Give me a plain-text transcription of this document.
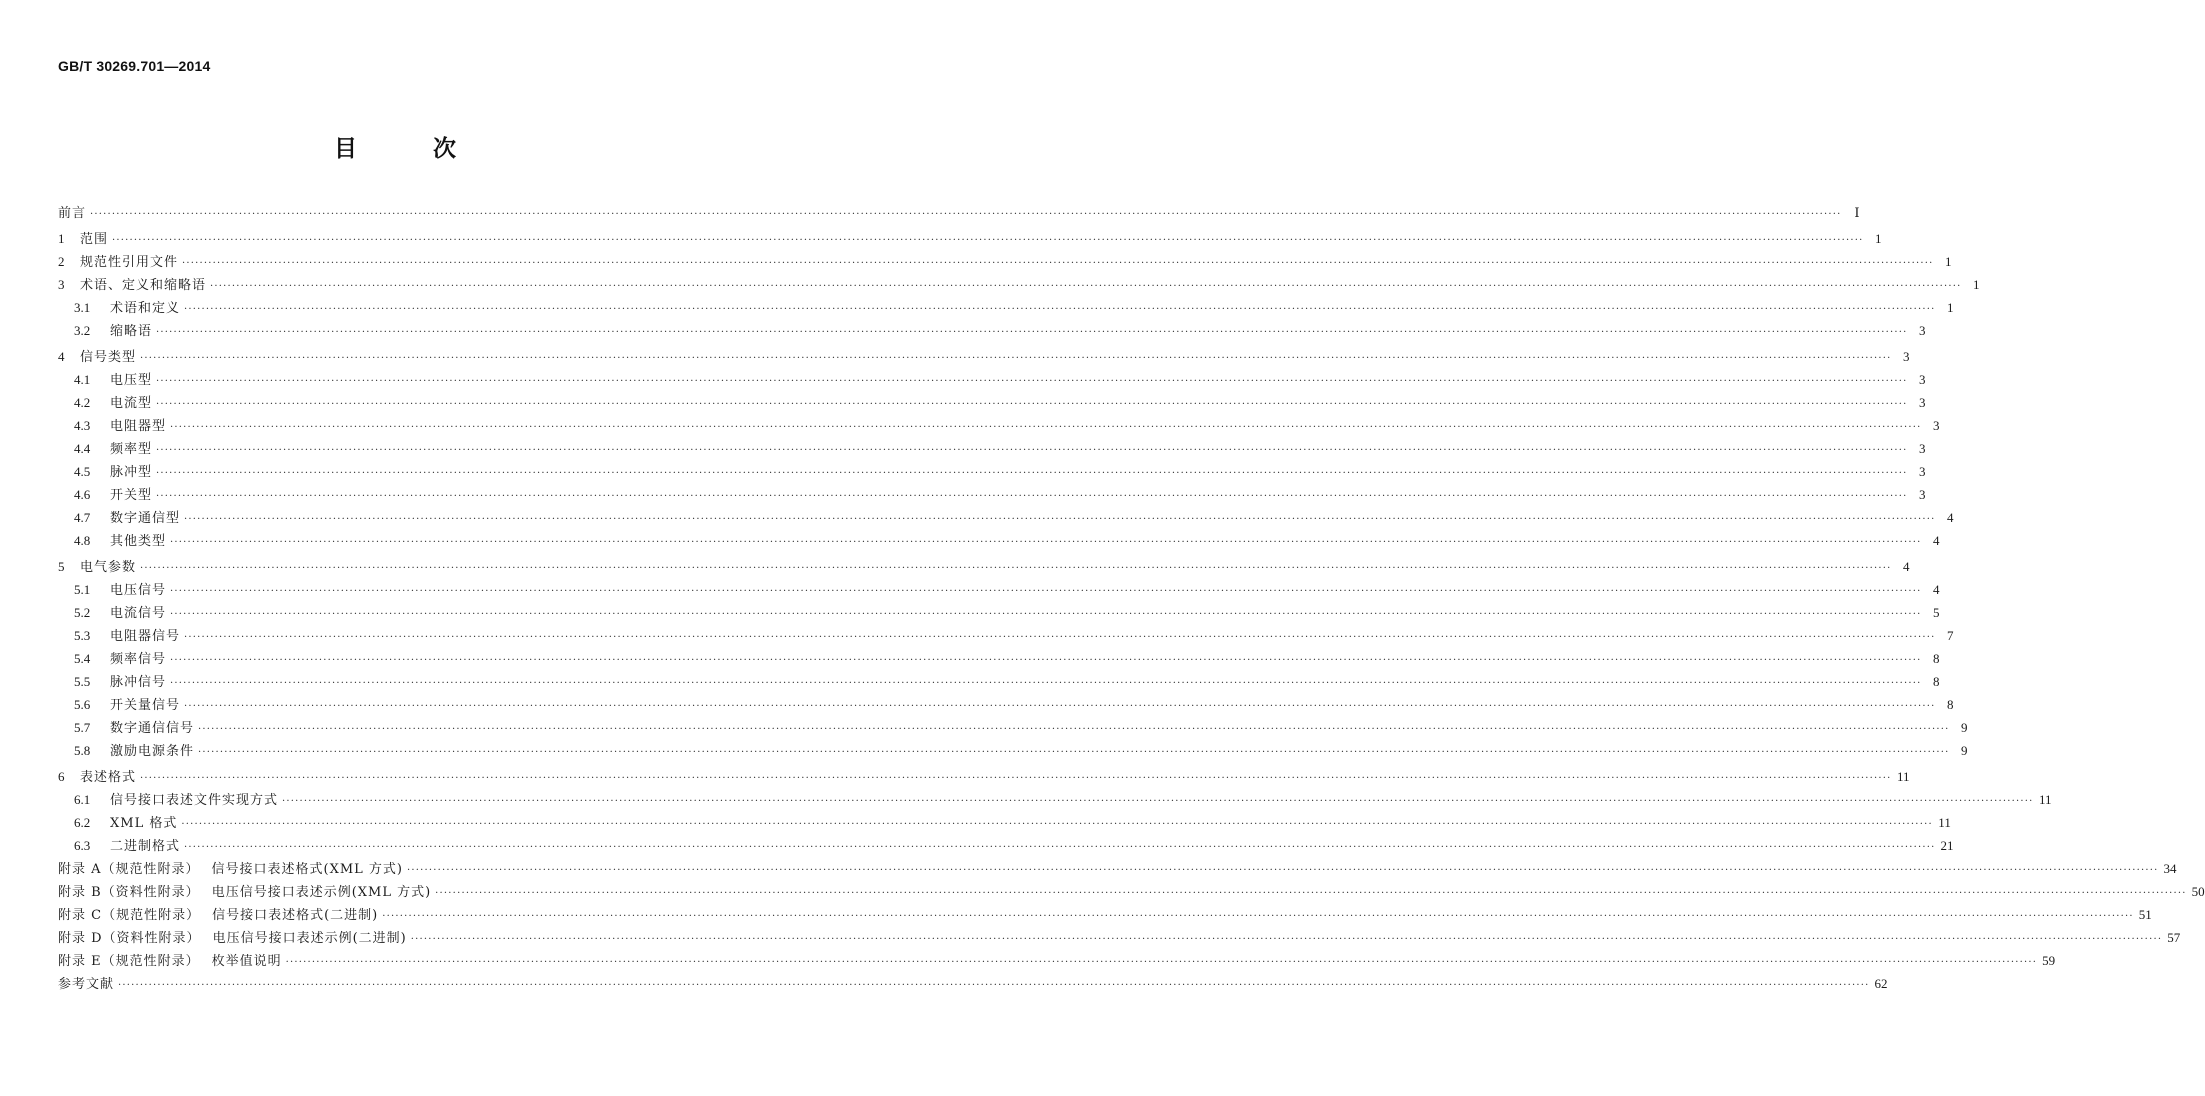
GB/T 30269.701—2014
目 次
前言 ················································································································································································································································································································································································································ Ⅰ
1	范围 ················································································································································································································································································································································································································ 1
2	规范性引用文件 ················································································································································································································································································································································································································ 1
3	术语、定义和缩略语 ················································································································································································································································································································································································································ 1
3.1	术语和定义 ················································································································································································································································································································································································································ 1
3.2	缩略语 ················································································································································································································································································································································································································ 3
4	信号类型 ················································································································································································································································································································································································································ 3
4.1	电压型 ················································································································································································································································································································································································································ 3
4.2	电流型 ················································································································································································································································································································································································································ 3
4.3	电阻器型 ················································································································································································································································································································································································································ 3
4.4	频率型 ················································································································································································································································································································································································································ 3
4.5	脉冲型 ················································································································································································································································································································································································································ 3
4.6	开关型 ················································································································································································································································································································································································································ 3
4.7	数字通信型 ················································································································································································································································································································································································································ 4
4.8	其他类型 ················································································································································································································································································································································································································ 4
5	电气参数 ················································································································································································································································································································································································································ 4
5.1	电压信号 ················································································································································································································································································································································································································ 4
5.2	电流信号 ················································································································································································································································································································································································································ 5
5.3	电阻器信号 ················································································································································································································································································································································································································ 7
5.4	频率信号 ················································································································································································································································································································································································································ 8
5.5	脉冲信号 ················································································································································································································································································································································································································ 8
5.6	开关量信号 ················································································································································································································································································································································································································ 8
5.7	数字通信信号 ················································································································································································································································································································································································································ 9
5.8	激励电源条件 ················································································································································································································································································································································································································ 9
6	表述格式 ················································································································································································································································································································································································································ 11
6.1	信号接口表述文件实现方式 ················································································································································································································································································································································································································ 11
6.2	XML 格式 ················································································································································································································································································································································································································ 11
6.3	二进制格式 ················································································································································································································································································································································································································ 21
附录 A（规范性附录） 信号接口表述格式(XML 方式) ················································································································································································································································································································································································································ 34
附录 B（资料性附录） 电压信号接口表述示例(XML 方式) ················································································································································································································································································································································································································ 50
附录 C（规范性附录） 信号接口表述格式(二进制) ················································································································································································································································································································································································································ 51
附录 D（资料性附录） 电压信号接口表述示例(二进制) ················································································································································································································································································································································································································ 57
附录 E（规范性附录） 枚举值说明 ················································································································································································································································································································································································································ 59
参考文献 ················································································································································································································································································································································································································ 62
